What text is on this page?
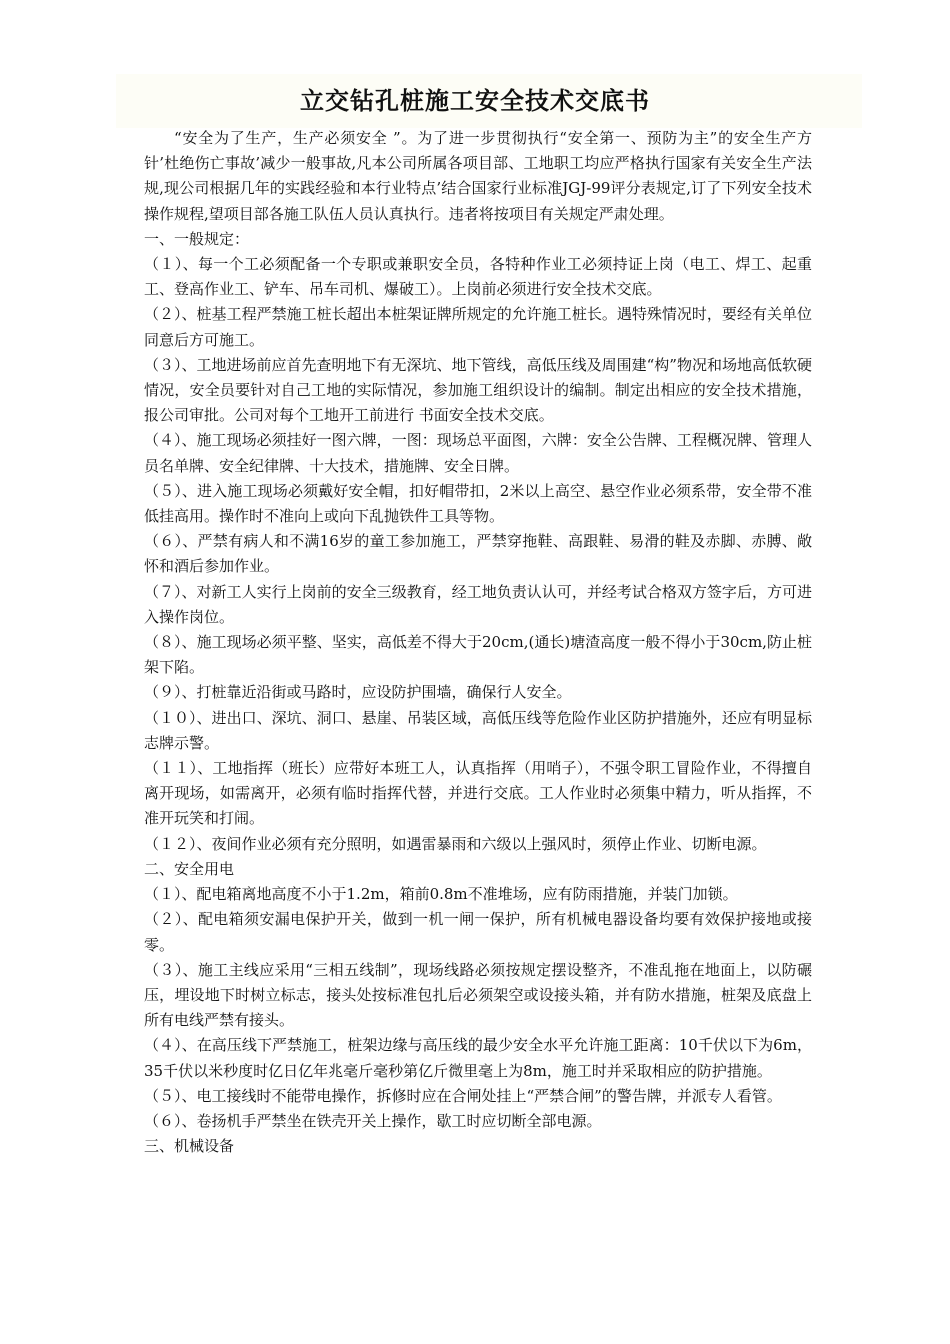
立交钻孔桩施工安全技术交底书

“安全为了生产，生产必须安全 ”。为了进一步贯彻执行“安全第一、预防为主”的安全生产方针’杜绝伤亡事故’减少一般事故,凡本公司所属各项目部、工地职工均应严格执行国家有关安全生产法规,现公司根据几年的实践经验和本行业特点’结合国家行业标准JGJ-99评分表规定,订了下列安全技术操作规程,望项目部各施工队伍人员认真执行。违者将按项目有关规定严肃处理。

一、一般规定：

（１）、每一个工必须配备一个专职或兼职安全员，各特种作业工必须持证上岗（电工、焊工、起重工、登高作业工、铲车、吊车司机、爆破工）。上岗前必须进行安全技术交底。

（２）、桩基工程严禁施工桩长超出本桩架证牌所规定的允许施工桩长。遇特殊情况时，要经有关单位同意后方可施工。

（３）、工地进场前应首先查明地下有无深坑、地下管线，高低压线及周围建“构”物况和场地高低软硬情况，安全员要针对自己工地的实际情况，参加施工组织设计的编制。制定出相应的安全技术措施，报公司审批。公司对每个工地开工前进行 书面安全技术交底。

（４）、施工现场必须挂好一图六牌，一图：现场总平面图，六牌：安全公告牌、工程概况牌、管理人员名单牌、安全纪律牌、十大技术，措施牌、安全日牌。

（５）、进入施工现场必须戴好安全帽，扣好帽带扣，2米以上高空、悬空作业必须系带，安全带不准低挂高用。操作时不准向上或向下乱抛铁件工具等物。

（６）、严禁有病人和不满16岁的童工参加施工，严禁穿拖鞋、高跟鞋、易滑的鞋及赤脚、赤膊、敞怀和酒后参加作业。

（７）、对新工人实行上岗前的安全三级教育，经工地负责认认可，并经考试合格双方签字后，方可进入操作岗位。

（８）、施工现场必须平整、坚实，高低差不得大于20cm,(通长)塘渣高度一般不得小于30cm,防止桩架下陷。

（９）、打桩靠近沿街或马路时，应设防护围墙，确保行人安全。

（１０）、进出口、深坑、洞口、悬崖、吊装区域，高低压线等危险作业区防护措施外，还应有明显标志牌示警。

（１１）、工地指挥（班长）应带好本班工人，认真指挥（用哨子），不强令职工冒险作业，不得擅自离开现场，如需离开，必须有临时指挥代替，并进行交底。工人作业时必须集中精力，听从指挥，不准开玩笑和打闹。

（１２）、夜间作业必须有充分照明，如遇雷暴雨和六级以上强风时，须停止作业、切断电源。

二、安全用电

（１）、配电箱离地高度不小于1.2m，箱前0.8m不准堆场，应有防雨措施，并装门加锁。

（２）、配电箱须安漏电保护开关，做到一机一闸一保护，所有机械电器设备均要有效保护接地或接零。

（３）、施工主线应采用“三相五线制”，现场线路必须按规定摆设整齐，不准乱拖在地面上，以防碾压，埋设地下时树立标志，接头处按标准包扎后必须架空或设接头箱，并有防水措施，桩架及底盘上所有电线严禁有接头。

（４）、在高压线下严禁施工，桩架边缘与高压线的最少安全水平允许施工距离：10千伏以下为6m，35千伏以米秒度时亿日亿年兆毫斤毫秒第亿斤微里毫上为8m，施工时并采取相应的防护措施。

（５）、电工接线时不能带电操作，拆修时应在合闸处挂上“严禁合闸”的警告牌，并派专人看管。

（６）、卷扬机手严禁坐在铁壳开关上操作，歇工时应切断全部电源。

三、机械设备
